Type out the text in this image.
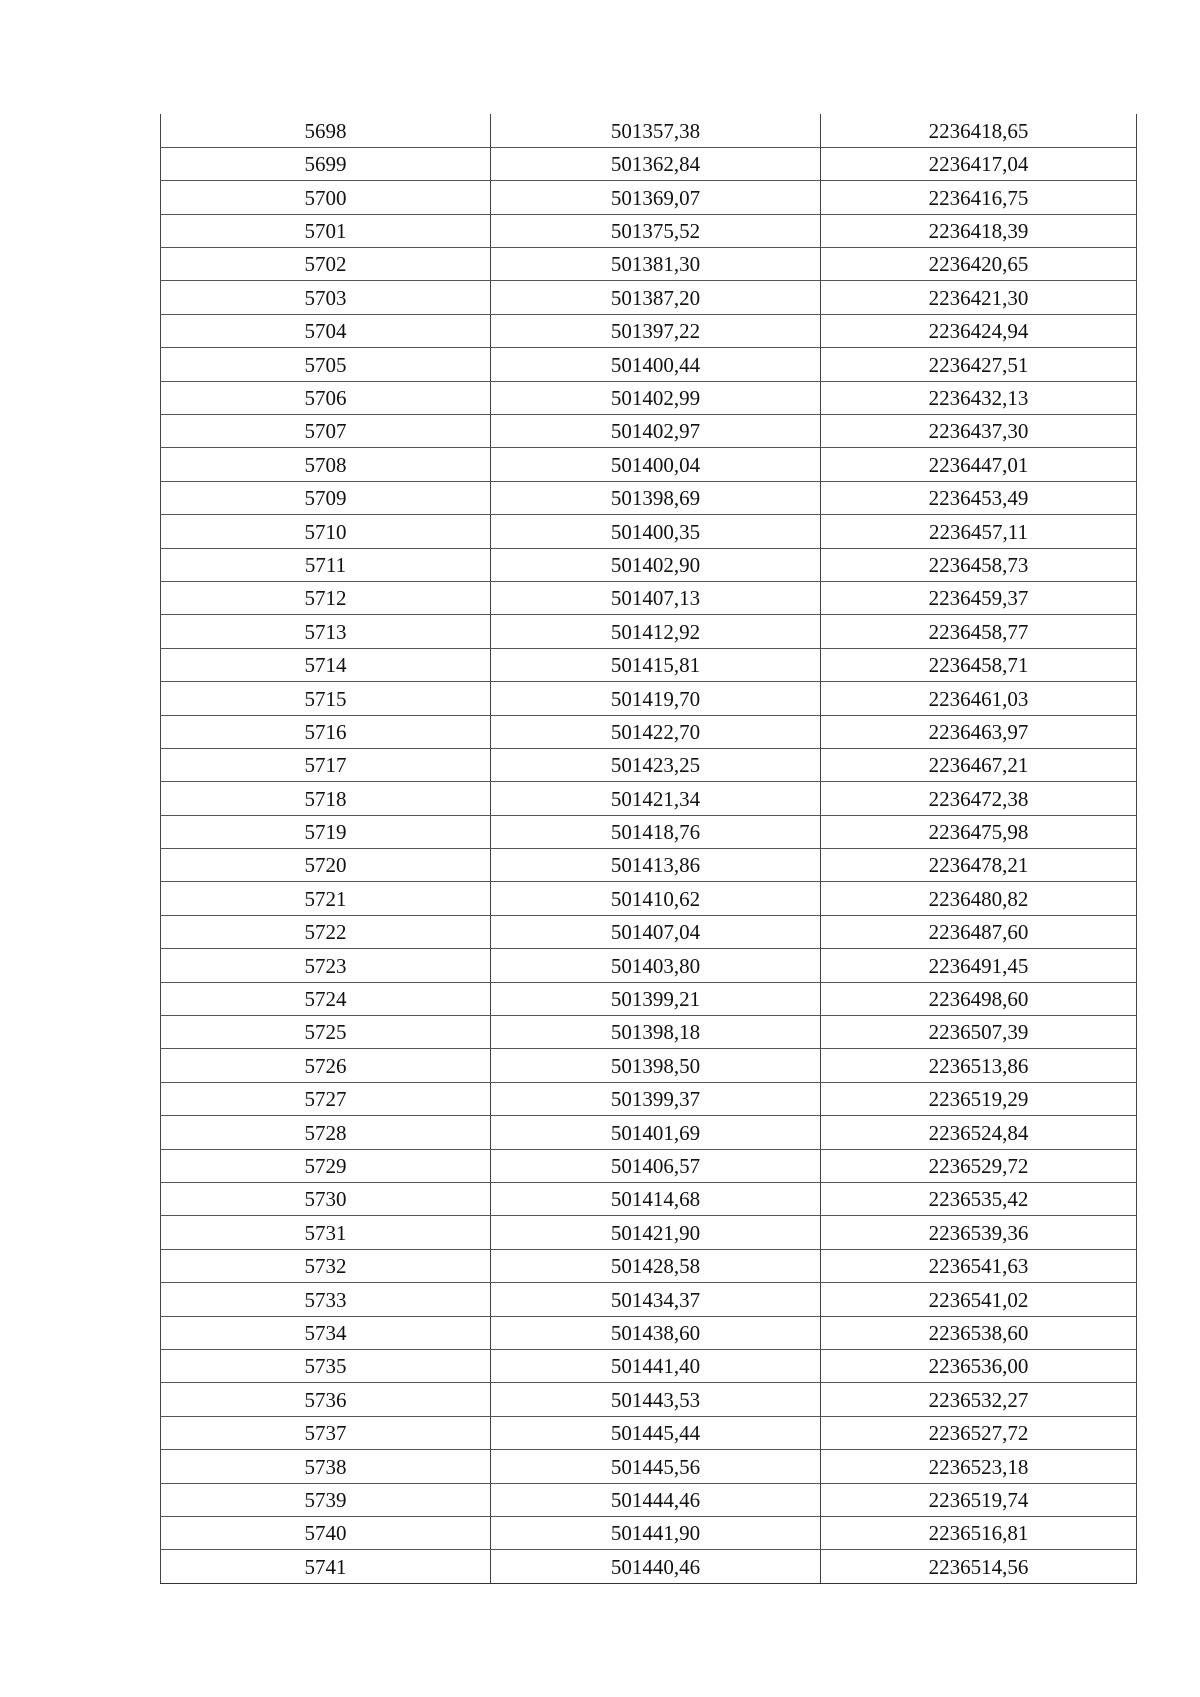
5698	501357,38	2236418,65
5699	501362,84	2236417,04
5700	501369,07	2236416,75
5701	501375,52	2236418,39
5702	501381,30	2236420,65
5703	501387,20	2236421,30
5704	501397,22	2236424,94
5705	501400,44	2236427,51
5706	501402,99	2236432,13
5707	501402,97	2236437,30
5708	501400,04	2236447,01
5709	501398,69	2236453,49
5710	501400,35	2236457,11
5711	501402,90	2236458,73
5712	501407,13	2236459,37
5713	501412,92	2236458,77
5714	501415,81	2236458,71
5715	501419,70	2236461,03
5716	501422,70	2236463,97
5717	501423,25	2236467,21
5718	501421,34	2236472,38
5719	501418,76	2236475,98
5720	501413,86	2236478,21
5721	501410,62	2236480,82
5722	501407,04	2236487,60
5723	501403,80	2236491,45
5724	501399,21	2236498,60
5725	501398,18	2236507,39
5726	501398,50	2236513,86
5727	501399,37	2236519,29
5728	501401,69	2236524,84
5729	501406,57	2236529,72
5730	501414,68	2236535,42
5731	501421,90	2236539,36
5732	501428,58	2236541,63
5733	501434,37	2236541,02
5734	501438,60	2236538,60
5735	501441,40	2236536,00
5736	501443,53	2236532,27
5737	501445,44	2236527,72
5738	501445,56	2236523,18
5739	501444,46	2236519,74
5740	501441,90	2236516,81
5741	501440,46	2236514,56
